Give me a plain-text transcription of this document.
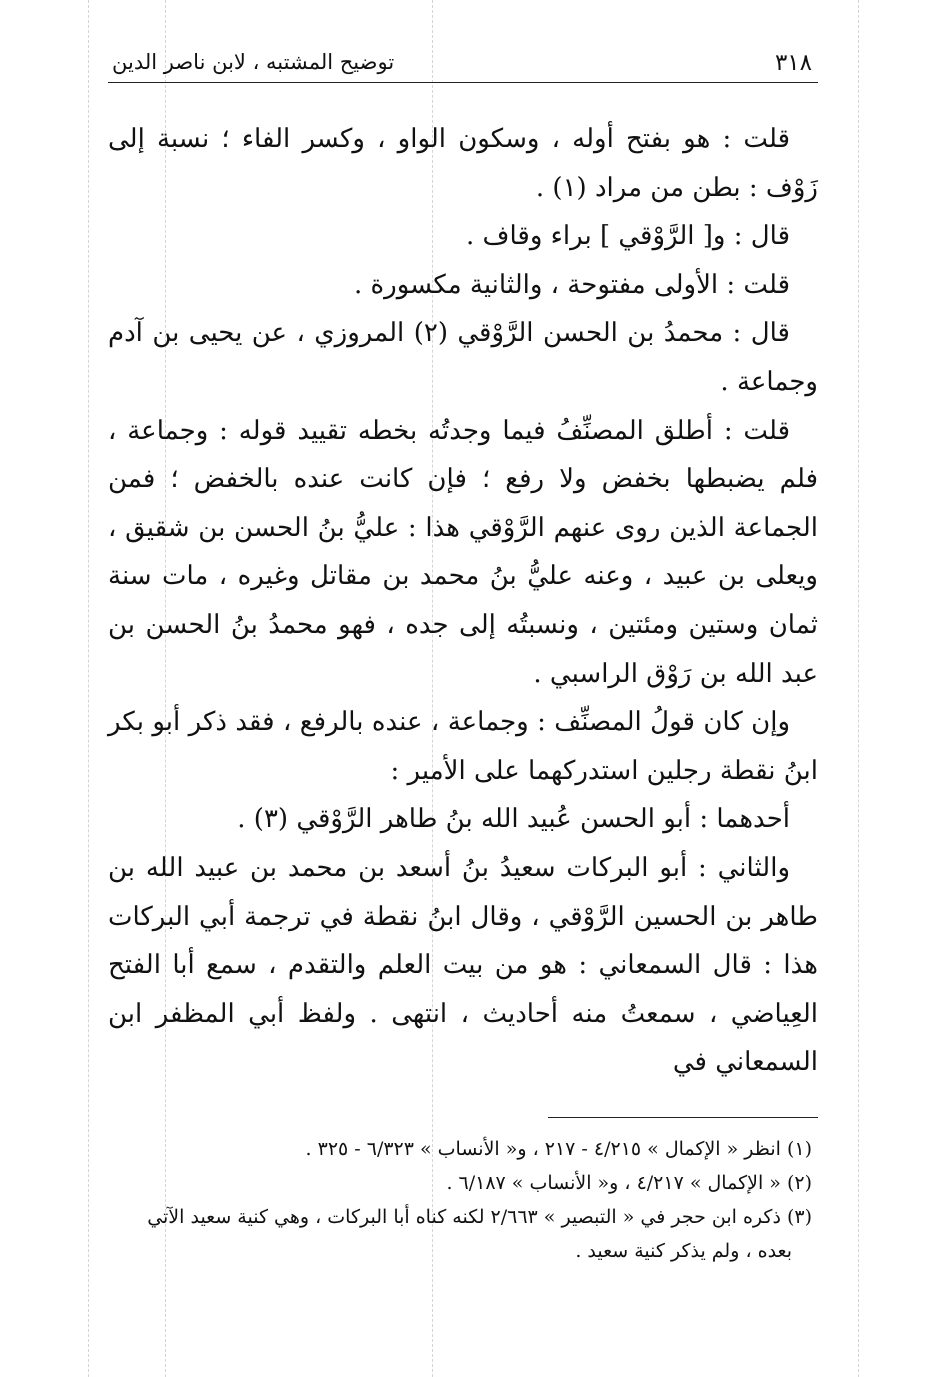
٣١٨
توضيح المشتبه ، لابن ناصر الدين

قلت : هو بفتح أوله ، وسكون الواو ، وكسر الفاء ؛ نسبة إلى زَوْف : بطن من مراد (١) .

قال : و[ الرَّوْقي ] براء وقاف .

قلت : الأولى مفتوحة ، والثانية مكسورة .

قال : محمدُ بن الحسن الرَّوْقي (٢) المروزي ، عن يحيى بن آدم وجماعة .

قلت : أطلق المصنِّفُ فيما وجدتُه بخطه تقييد قوله : وجماعة ، فلم يضبطها بخفض ولا رفع ؛ فإن كانت عنده بالخفض ؛ فمن الجماعة الذين روى عنهم الرَّوْقي هذا : عليُّ بنُ الحسن بن شقيق ، ويعلى بن عبيد ، وعنه عليُّ بنُ محمد بن مقاتل وغيره ، مات سنة ثمان وستين ومئتين ، ونسبتُه إلى جده ، فهو محمدُ بنُ الحسن بن عبد الله بن رَوْق الراسبي .

وإن كان قولُ المصنِّف : وجماعة ، عنده بالرفع ، فقد ذكر أبو بكر ابنُ نقطة رجلين استدركهما على الأمير :

أحدهما : أبو الحسن عُبيد الله بنُ طاهر الرَّوْقي (٣) .

والثاني : أبو البركات سعيدُ بنُ أسعد بن محمد بن عبيد الله بن طاهر بن الحسين الرَّوْقي ، وقال ابنُ نقطة في ترجمة أبي البركات هذا : قال السمعاني : هو من بيت العلم والتقدم ، سمع أبا الفتح العِياضي ، سمعتُ منه أحاديث ، انتهى . ولفظ أبي المظفر ابن السمعاني في

(١) انظر « الإكمال » ٤/٢١٥ - ٢١٧ ، و« الأنساب » ٦/٣٢٣ - ٣٢٥ .

(٢) « الإكمال » ٤/٢١٧ ، و« الأنساب » ٦/١٨٧ .

(٣) ذكره ابن حجر في « التبصير » ٢/٦٦٣ لكنه كناه أبا البركات ، وهي كنية سعيد الآتي

بعده ، ولم يذكر كنية سعيد .
